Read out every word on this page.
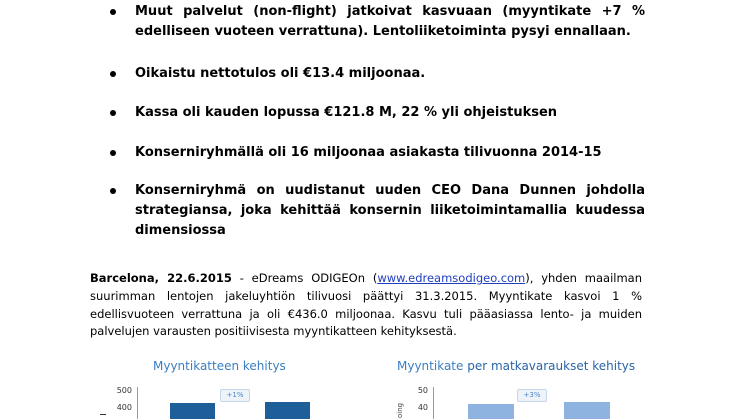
Muut palvelut (non-flight) jatkoivat kasvuaan (myyntikate +7 % edelliseen vuoteen verrattuna). Lentoliiketoiminta pysyi ennallaan.
Oikaistu nettotulos oli €13.4 miljoonaa.
Kassa oli kauden lopussa €121.8 M, 22 % yli ohjeistuksen
Konserniryhmällä oli 16 miljoonaa asiakasta tilivuonna 2014-15
Konserniryhmä on uudistanut uuden CEO Dana Dunnen johdolla strategiansa, joka kehittää konsernin liiketoimintamallia kuudessa dimensiossa
Barcelona, 22.6.2015 - eDreams ODIGEOn (www.edreamsodigeo.com), yhden maailman suurimman lentojen jakeluyhtiön tilivuosi päättyi 31.3.2015. Myyntikate kasvoi 1 % edellisvuoteen verrattuna ja oli €436.0 miljoonaa. Kasvu tuli pääasiassa lento- ja muiden palvelujen varausten positiivisesta myyntikatteen kehityksestä.
Myyntikatteen kehitys
500
400
+1%
Myyntikate per matkavaraukset kehitys
oing
50
40
+3%
